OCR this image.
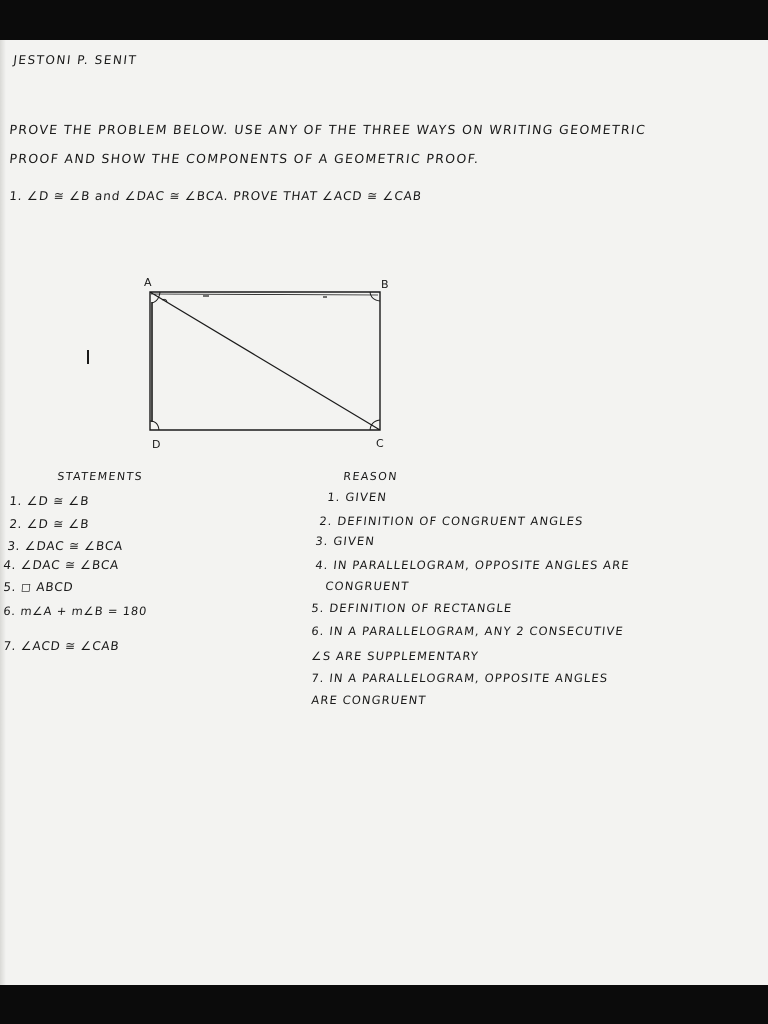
JESTONI P. SENIT

PROVE THE PROBLEM BELOW. USE ANY OF THE THREE WAYS ON WRITING GEOMETRIC

PROOF AND SHOW THE COMPONENTS OF A GEOMETRIC PROOF.

1. ∠D ≅ ∠B and ∠DAC ≅ ∠BCA. PROVE THAT ∠ACD ≅ ∠CAB

A	B
C
D

STATEMENTS	REASON

1. ∠D ≅ ∠B

2. ∠D ≅ ∠B

3. ∠DAC ≅ ∠BCA

4. ∠DAC ≅ ∠BCA

5. ◻ ABCD

6. m∠A + m∠B = 180

7. ∠ACD ≅ ∠CAB

1. GIVEN

2. DEFINITION OF CONGRUENT ANGLES

3. GIVEN

4. IN PARALLELOGRAM, OPPOSITE ANGLES ARE

CONGRUENT

5. DEFINITION OF RECTANGLE

6. IN A PARALLELOGRAM, ANY 2 CONSECUTIVE

∠S ARE SUPPLEMENTARY

7. IN A PARALLELOGRAM, OPPOSITE ANGLES

ARE CONGRUENT
